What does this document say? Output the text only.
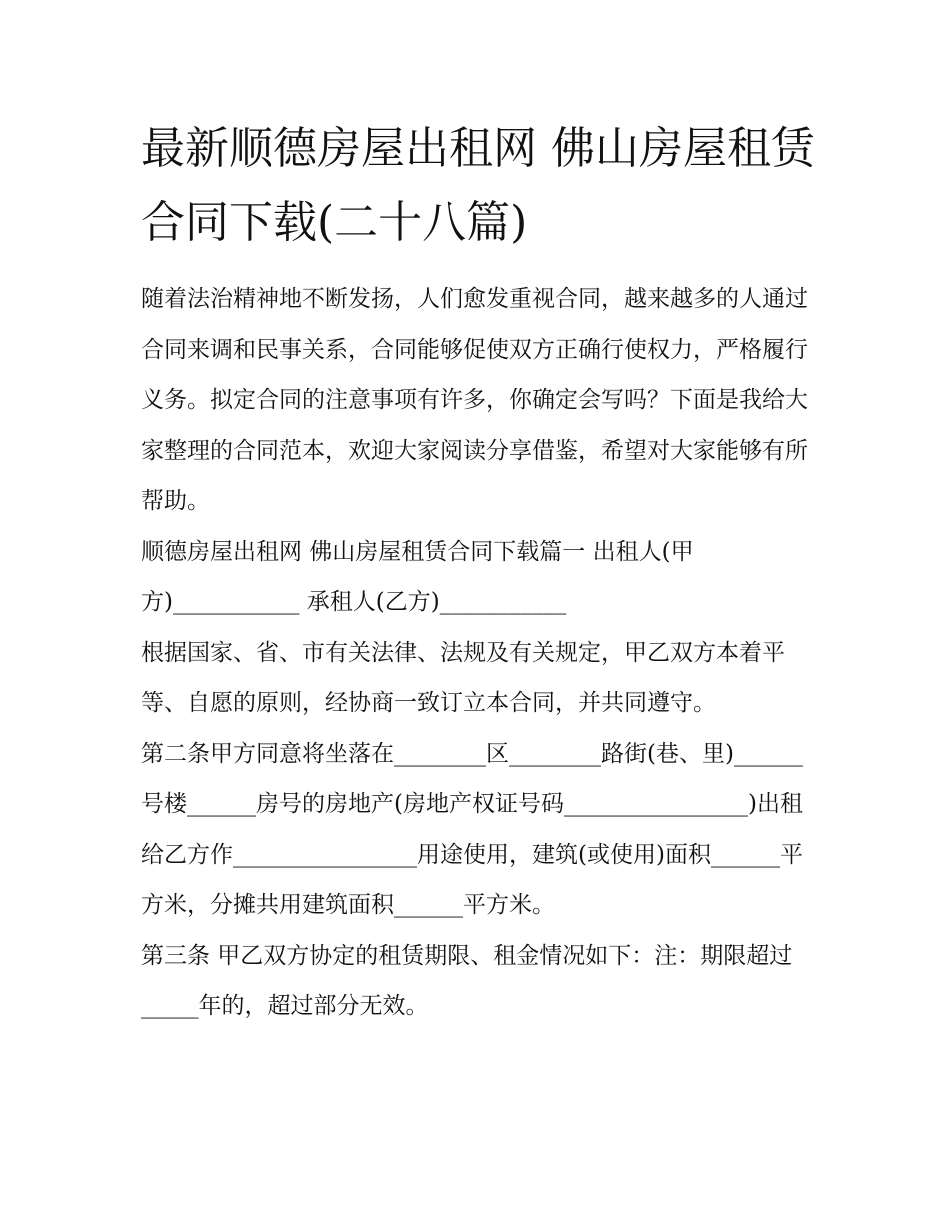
最新顺德房屋出租网 佛山房屋租赁合同下载(二十八篇)

随着法治精神地不断发扬，人们愈发重视合同，越来越多的人通过合同来调和民事关系，合同能够促使双方正确行使权力，严格履行义务。拟定合同的注意事项有许多，你确定会写吗？下面是我给大家整理的合同范本，欢迎大家阅读分享借鉴，希望对大家能够有所帮助。

顺德房屋出租网 佛山房屋租赁合同下载篇一 出租人(甲方)___________ 承租人(乙方)___________

根据国家、省、市有关法律、法规及有关规定，甲乙双方本着平等、自愿的原则，经协商一致订立本合同，并共同遵守。

第二条甲方同意将坐落在________区________路街(巷、里)______号楼______房号的房地产(房地产权证号码________________)出租给乙方作________________用途使用，建筑(或使用)面积______平方米，分摊共用建筑面积______平方米。

第三条 甲乙双方协定的租赁期限、租金情况如下：注：期限超过_____年的，超过部分无效。
